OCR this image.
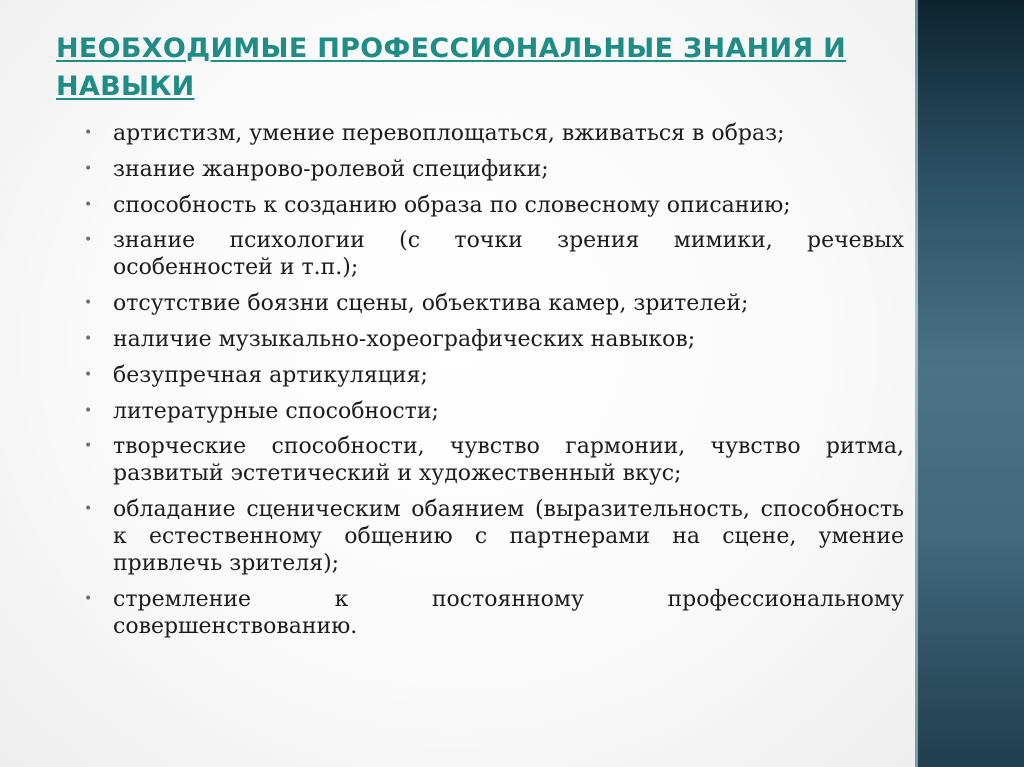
НЕОБХОДИМЫЕ ПРОФЕССИОНАЛЬНЫЕ ЗНАНИЯ И
НАВЫКИ
• артистизм, умение перевоплощаться, вживаться в образ;
• знание жанрово-ролевой специфики;
• способность к созданию образа по словесному описанию;
• знание психологии (с точки зрения мимики, речевых особенностей и т.п.);
• отсутствие боязни сцены, объектива камер, зрителей;
• наличие музыкально-хореографических навыков;
• безупречная артикуляция;
• литературные способности;
• творческие способности, чувство гармонии, чувство ритма, развитый эстетический и художественный вкус;
• обладание сценическим обаянием (выразительность, способность к естественному общению с партнерами на сцене, умение привлечь зрителя);
• стремление к постоянному профессиональному совершенствованию.
